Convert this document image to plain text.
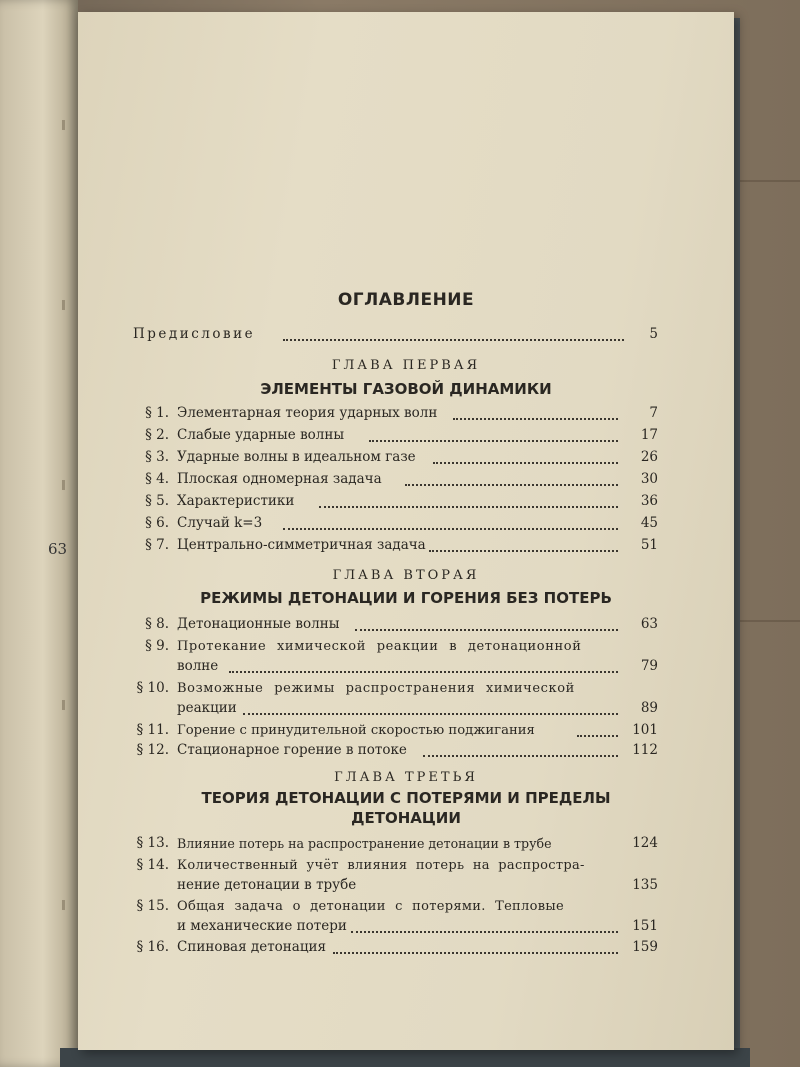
63
ОГЛАВЛЕНИЕ
Предисловие	5
ГЛАВА ПЕРВАЯ
ЭЛЕМЕНТЫ ГАЗОВОЙ ДИНАМИКИ
§ 1. Элементарная теория ударных волн	7
§ 2. Слабые ударные волны	17
§ 3. Ударные волны в идеальном газе	26
§ 4. Плоская одномерная задача	30
§ 5. Характеристики	36
§ 6. Случай k=3	45
§ 7. Центрально-симметричная задача	51
ГЛАВА ВТОРАЯ
РЕЖИМЫ ДЕТОНАЦИИ И ГОРЕНИЯ БЕЗ ПОТЕРЬ
§ 8. Детонационные волны	63
§ 9. Протекание химической реакции в детонационной
волне	79
§ 10. Возможные режимы распространения химической
реакции	89
§ 11. Горение с принудительной скоростью поджигания	101
§ 12. Стационарное горение в потоке	112
ГЛАВА ТРЕТЬЯ
ТЕОРИЯ ДЕТОНАЦИИ С ПОТЕРЯМИ И ПРЕДЕЛЫ
ДЕТОНАЦИИ
§ 13. Влияние потерь на распространение детонации в трубе	124
§ 14. Количественный учёт влияния потерь на распростра-
нение детонации в трубе	135
§ 15. Общая задача о детонации с потерями. Тепловые
и механические потери	151
§ 16. Спиновая детонация	159
